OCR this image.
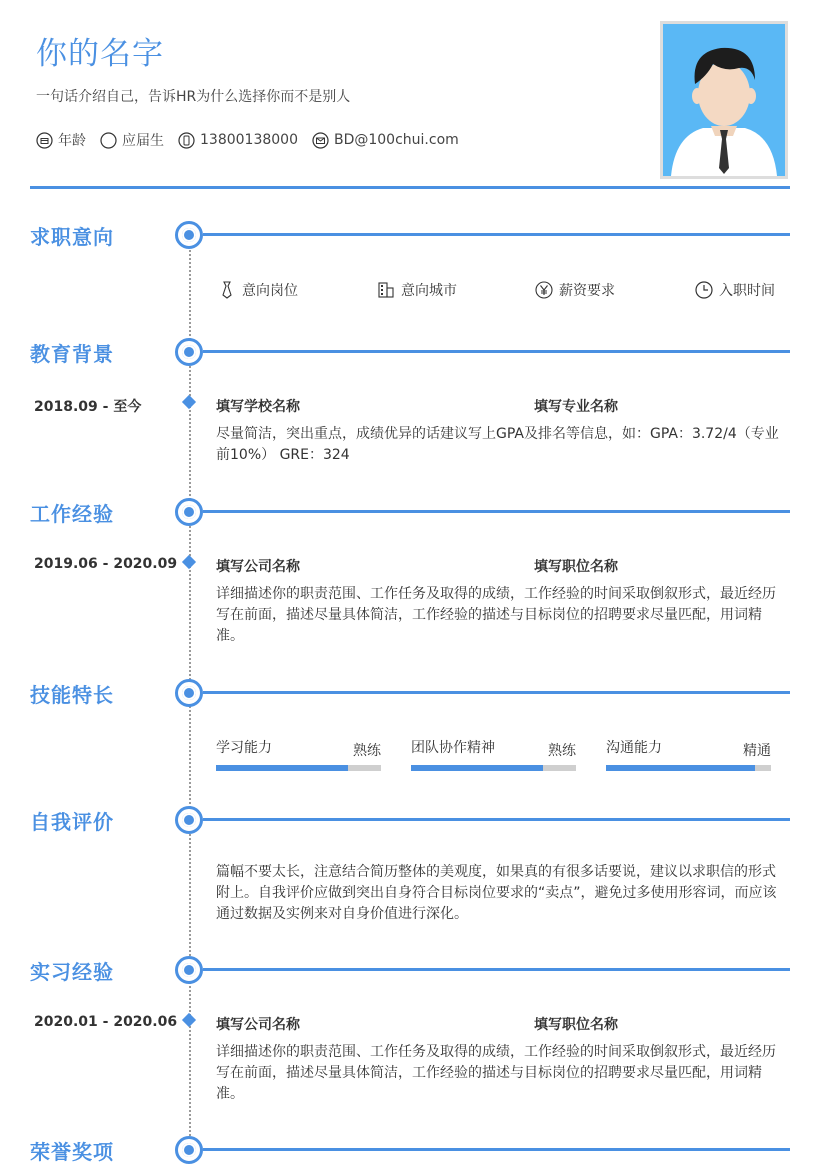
你的名字
一句话介绍自己，告诉HR为什么选择你而不是别人
年龄	应届生	13800138000	BD@100chui.com
求职意向
意向岗位	意向城市	薪资要求	入职时间
教育背景
2018.09 - 至今	填写学校名称	填写专业名称
尽量简洁，突出重点，成绩优异的话建议写上GPA及排名等信息，如：GPA：3.72/4（专业前10%） GRE：324
工作经验
2019.06 - 2020.09	填写公司名称	填写职位名称
详细描述你的职责范围、工作任务及取得的成绩，工作经验的时间采取倒叙形式，最近经历写在前面，描述尽量具体简洁，工作经验的描述与目标岗位的招聘要求尽量匹配，用词精准。
技能特长
学习能力	熟练 团队协作精神	熟练 沟通能力	精通
自我评价
篇幅不要太长，注意结合简历整体的美观度，如果真的有很多话要说，建议以求职信的形式附上。自我评价应做到突出自身符合目标岗位要求的“卖点”，避免过多使用形容词，而应该通过数据及实例来对自身价值进行深化。
实习经验
2020.01 - 2020.06	填写公司名称	填写职位名称
详细描述你的职责范围、工作任务及取得的成绩，工作经验的时间采取倒叙形式，最近经历写在前面，描述尽量具体简洁，工作经验的描述与目标岗位的招聘要求尽量匹配，用词精准。
荣誉奖项
